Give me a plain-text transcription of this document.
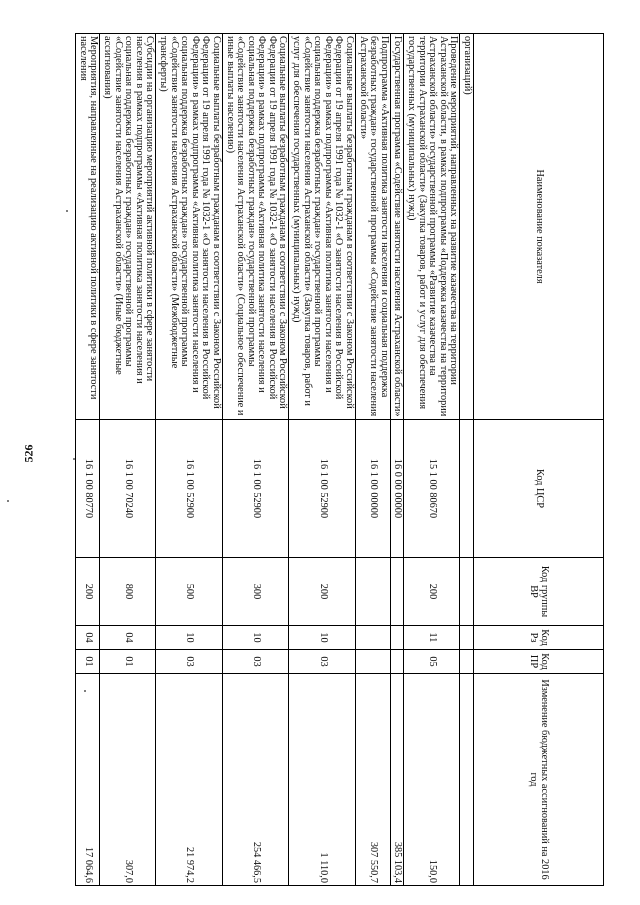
526
Наименование показателя	Код ЦСР	Код группы ВР	Код Рз	Код ПР	Изменение бюджетных ассигнований на 2016 год
организаций)					
Проведение мероприятий, направленных на развитие казачества на территории Астраханской области, в рамках подпрограммы «Поддержка казачества на территории Астраханской области» государственной программы «Развитие казачества на территории Астраханской области» (Закупка товаров, работ и услуг для обеспечения государственных (муниципальных) нужд)	15 1 00 80670	200	11	05	150,0
Государственная программа «Содействие занятости населения Астраханской области»	16 0 00 00000				385 103,4
Подпрограмма «Активная политика занятости населения и социальная поддержка безработных граждан» государственной программы «Содействие занятости населения Астраханской области»	16 1 00 00000				307 550,7
Социальные выплаты безработным гражданам в соответствии с Законом Российской Федерации от 19 апреля 1991 года № 1032-1 «О занятости населения в Российской Федерации» в рамках подпрограммы «Активная политика занятости населения и социальная поддержка безработных граждан» государственной программы «Содействие занятости населения Астраханской области» (Закупка товаров, работ и услуг для обеспечения государственных (муниципальных) нужд)	16 1 00 52900	200	10	03	1 110,0
Социальные выплаты безработным гражданам в соответствии с Законом Российской Федерации от 19 апреля 1991 года № 1032-1 «О занятости населения в Российской Федерации» в рамках подпрограммы «Активная политика занятости населения и социальная поддержка безработных граждан» государственной программы «Содействие занятости населения Астраханской области» (Социальное обеспечение и иные выплаты населению)	16 1 00 52900	300	10	03	254 466,5
Социальные выплаты безработным гражданам в соответствии с Законом Российской Федерации от 19 апреля 1991 года № 1032-1 «О занятости населения в Российской Федерации» в рамках подпрограммы «Активная политика занятости населения и социальная поддержка безработных граждан» государственной программы «Содействие занятости населения Астраханской области» (Межбюджетные трансферты)	16 1 00 52900	500	10	03	21 974,2
Субсидии на организацию мероприятий активной политики в сфере занятости населения в рамках подпрограммы «Активная политика занятости населения и социальная поддержка безработных граждан» государственной программы «Содействие занятости населения Астраханской области» (Иные бюджетные ассигнования)	16 1 00 70240	800	04	01	307,0
Мероприятия, направленные на реализацию активной политики в сфере занятости населения	16 1 00 80770	200	04	01	17 064,6
